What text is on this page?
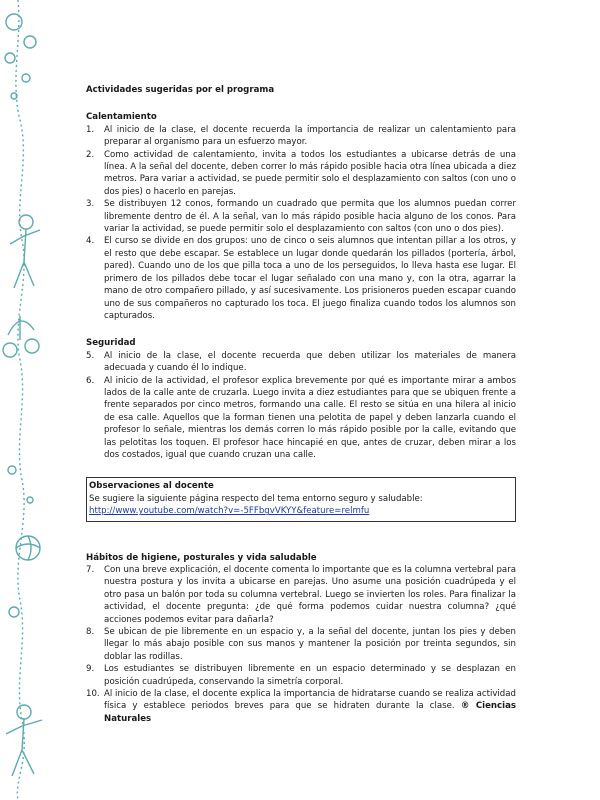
Actividades sugeridas por el programa

Calentamiento

1. Al inicio de la clase, el docente recuerda la importancia de realizar un calentamiento para preparar al organismo para un esfuerzo mayor.
2. Como actividad de calentamiento, invita a todos los estudiantes a ubicarse detrás de una línea. A la señal del docente, deben correr lo más rápido posible hacia otra línea ubicada a diez metros. Para variar a actividad, se puede permitir solo el desplazamiento con saltos (con uno o dos pies) o hacerlo en parejas.
3. Se distribuyen 12 conos, formando un cuadrado que permita que los alumnos puedan correr libremente dentro de él. A la señal, van lo más rápido posible hacia alguno de los conos. Para variar la actividad, se puede permitir solo el desplazamiento con saltos (con uno o dos pies).
4. El curso se divide en dos grupos: uno de cinco o seis alumnos que intentan pillar a los otros, y el resto que debe escapar. Se establece un lugar donde quedarán los pillados (portería, árbol, pared). Cuando uno de los que pilla toca a uno de los perseguidos, lo lleva hasta ese lugar. El primero de los pillados debe tocar el lugar señalado con una mano y, con la otra, agarrar la mano de otro compañero pillado, y así sucesivamente. Los prisioneros pueden escapar cuando uno de sus compañeros no capturado los toca. El juego finaliza cuando todos los alumnos son capturados.

Seguridad

5. Al inicio de la clase, el docente recuerda que deben utilizar los materiales de manera adecuada y cuando él lo indique.
6. Al inicio de la actividad, el profesor explica brevemente por qué es importante mirar a ambos lados de la calle ante de cruzarla. Luego invita a diez estudiantes para que se ubiquen frente a frente separados por cinco metros, formando una calle. El resto se sitúa en una hilera al inicio de esa calle. Aquellos que la forman tienen una pelotita de papel y deben lanzarla cuando el profesor lo señale, mientras los demás corren lo más rápido posible por la calle, evitando que las pelotitas los toquen. El profesor hace hincapié en que, antes de cruzar, deben mirar a los dos costados, igual que cuando cruzan una calle.
Observaciones al docente
Se sugiere la siguiente página respecto del tema entorno seguro y saludable:
http://www.youtube.com/watch?v=-5FFbgvVKYY&feature=relmfu

Hábitos de higiene, posturales y vida saludable

7. Con una breve explicación, el docente comenta lo importante que es la columna vertebral para nuestra postura y los invita a ubicarse en parejas. Uno asume una posición cuadrúpeda y el otro pasa un balón por toda su columna vertebral. Luego se invierten los roles. Para finalizar la actividad, el docente pregunta: ¿de qué forma podemos cuidar nuestra columna? ¿qué acciones podemos evitar para dañarla?
8. Se ubican de pie libremente en un espacio y, a la señal del docente, juntan los pies y deben llegar lo más abajo posible con sus manos y mantener la posición por treinta segundos, sin doblar las rodillas.
9. Los estudiantes se distribuyen libremente en un espacio determinado y se desplazan en posición cuadrúpeda, conservando la simetría corporal.
10. Al inicio de la clase, el docente explica la importancia de hidratarse cuando se realiza actividad física y establece periodos breves para que se hidraten durante la clase. ® Ciencias Naturales
